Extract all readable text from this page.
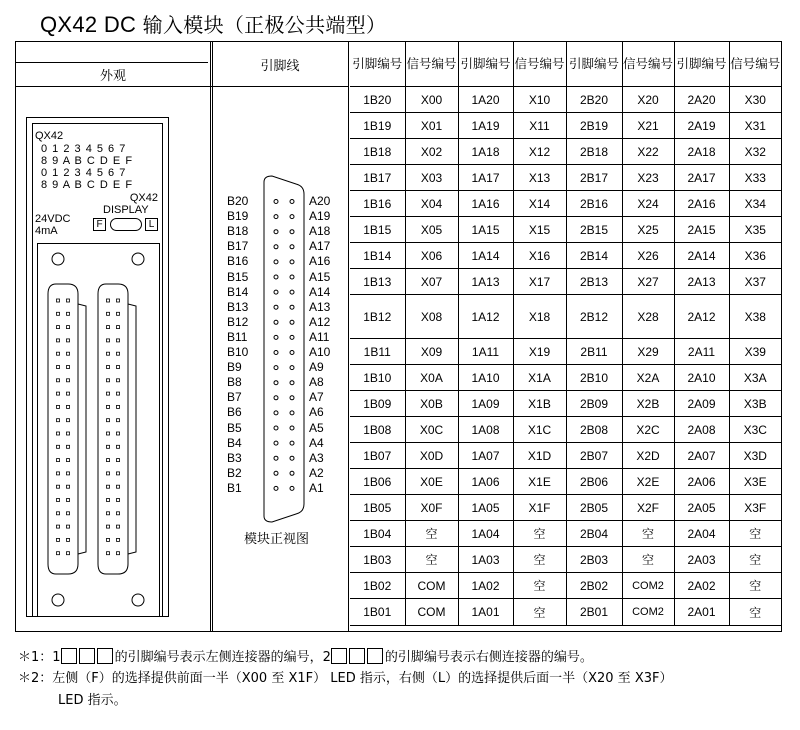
QX42 DC 输入模块（正极公共端型）
外观
引脚线	引脚编号	信号编号	引脚编号	信号编号	引脚编号	信号编号	引脚编号	信号编号
1B20	X00	1A20	X10	2B20	X20	2A20	X30
1B19	X01	1A19	X11	2B19	X21	2A19	X31
1B18	X02	1A18	X12	2B18	X22	2A18	X32
1B17	X03	1A17	X13	2B17	X23	2A17	X33
1B16	X04	1A16	X14	2B16	X24	2A16	X34
1B15	X05	1A15	X15	2B15	X25	2A15	X35
1B14	X06	1A14	X16	2B14	X26	2A14	X36
1B13	X07	1A13	X17	2B13	X27	2A13	X37
1B12	X08	1A12	X18	2B12	X28	2A12	X38
1B11	X09	1A11	X19	2B11	X29	2A11	X39
1B10	X0A	1A10	X1A	2B10	X2A	2A10	X3A
1B09	X0B	1A09	X1B	2B09	X2B	2A09	X3B
1B08	X0C	1A08	X1C	2B08	X2C	2A08	X3C
1B07	X0D	1A07	X1D	2B07	X2D	2A07	X3D
1B06	X0E	1A06	X1E	2B06	X2E	2A06	X3E
1B05	X0F	1A05	X1F	2B05	X2F	2A05	X3F
1B04	空	1A04	空	2B04	空	2A04	空
1B03	空	1A03	空	2B03	空	2A03	空
1B02	COM	1A02	空	2B02	COM2	2A02	空
1B01	COM	1A01	空	2B01	COM2	2A01	空
B20
B19
B18
B17
B16
B15
B14
B13
B12
B11
B10
B9
B8
B7
B6
B5
B4
B3
B2
B1
A20
A19
A18
A17
A16
A15
A14
A13
A12
A11
A10
A9
A8
A7
A6
A5
A4
A3
A2
A1
模块正视图
QX42
0 1 2 3 4 5 6 7
8 9 A B C D E F
0 1 2 3 4 5 6 7
8 9 A B C D E F
QX42
DISPLAY
24VDC
4mA
F	L
＊1：1	的引脚编号表示左侧连接器的编号，2	的引脚编号表示右侧连接器的编号。
＊2：左侧（F）的选择提供前面一半（X00 至 X1F） LED 指示，右侧（L）的选择提供后面一半（X20 至 X3F）
LED 指示。
